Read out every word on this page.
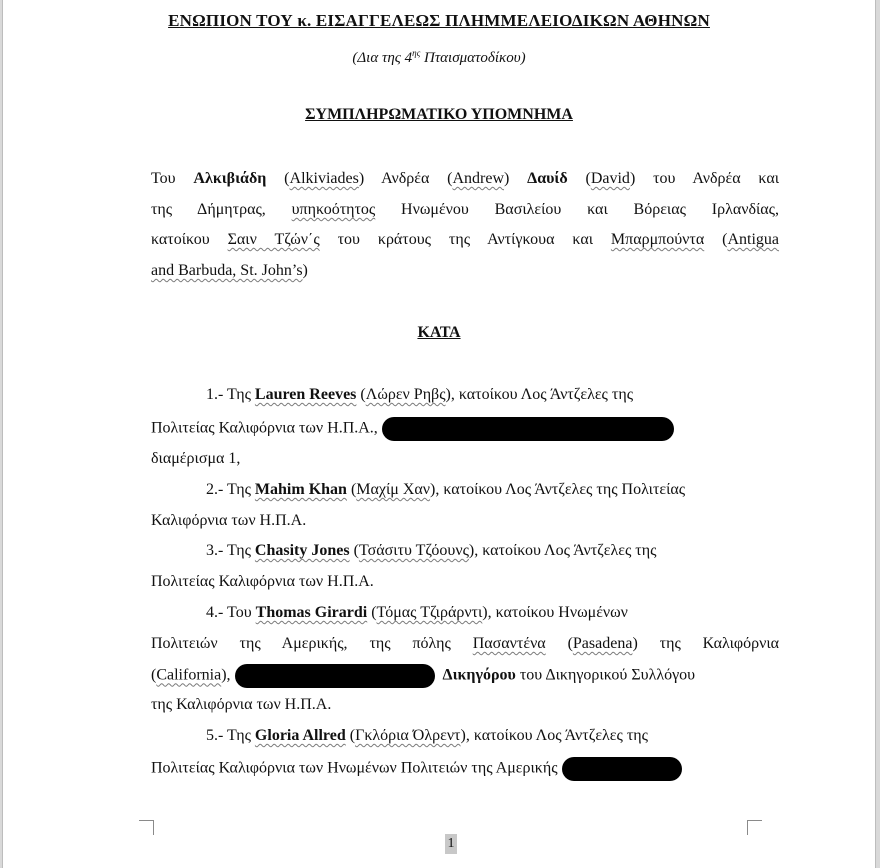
ΕΝΩΠΙΟΝ ΤΟΥ κ. ΕΙΣΑΓΓΕΛΕΩΣ ΠΛΗΜΜΕΛΕΙΟΔΙΚΩΝ ΑΘΗΝΩΝ
(Δια της $4^{\eta\varsigma}$ Πταισματοδίκου)
ΣΥΜΠΛΗΡΩΜΑΤΙΚΟ ΥΠΟΜΝΗΜΑ
Του Αλκιβιάδη (Alkiviades) Ανδρέα (Andrew) Δαυίδ (David) του Ανδρέα και
της Δήμητρας, υπηκοότητος Ηνωμένου Βασιλείου και Βόρειας Ιρλανδίας,
κατοίκου Σαιν Τζών΄ς του κράτους της Αντίγκουα και Μπαρμπούντα (Antigua
and Barbuda, St. John’s)
ΚΑΤΑ
1.- Της Lauren Reeves (Λώρεν Ρηβς), κατοίκου Λος Άντζελες της
Πολιτείας Καλιφόρνια των Η.Π.Α.,
διαμέρισμα 1,
2.- Της Mahim Khan (Μαχίμ Χαν), κατοίκου Λος Άντζελες της Πολιτείας
Καλιφόρνια των Η.Π.Α.
3.- Της Chasity Jones (Τσάσιτυ Τζόουνς), κατοίκου Λος Άντζελες της
Πολιτείας Καλιφόρνια των Η.Π.Α.
4.- Του Thomas Girardi (Τόμας Τζιράρντι), κατοίκου Ηνωμένων
Πολιτειών της Αμερικής, της πόλης Πασαντένα (Pasadena) της Καλιφόρνια
(California),	Δικηγόρου του Δικηγορικού Συλλόγου
της Καλιφόρνια των Η.Π.Α.
5.- Της Gloria Allred (Γκλόρια Όλρεντ), κατοίκου Λος Άντζελες της
Πολιτείας Καλιφόρνια των Ηνωμένων Πολιτειών της Αμερικής
1
